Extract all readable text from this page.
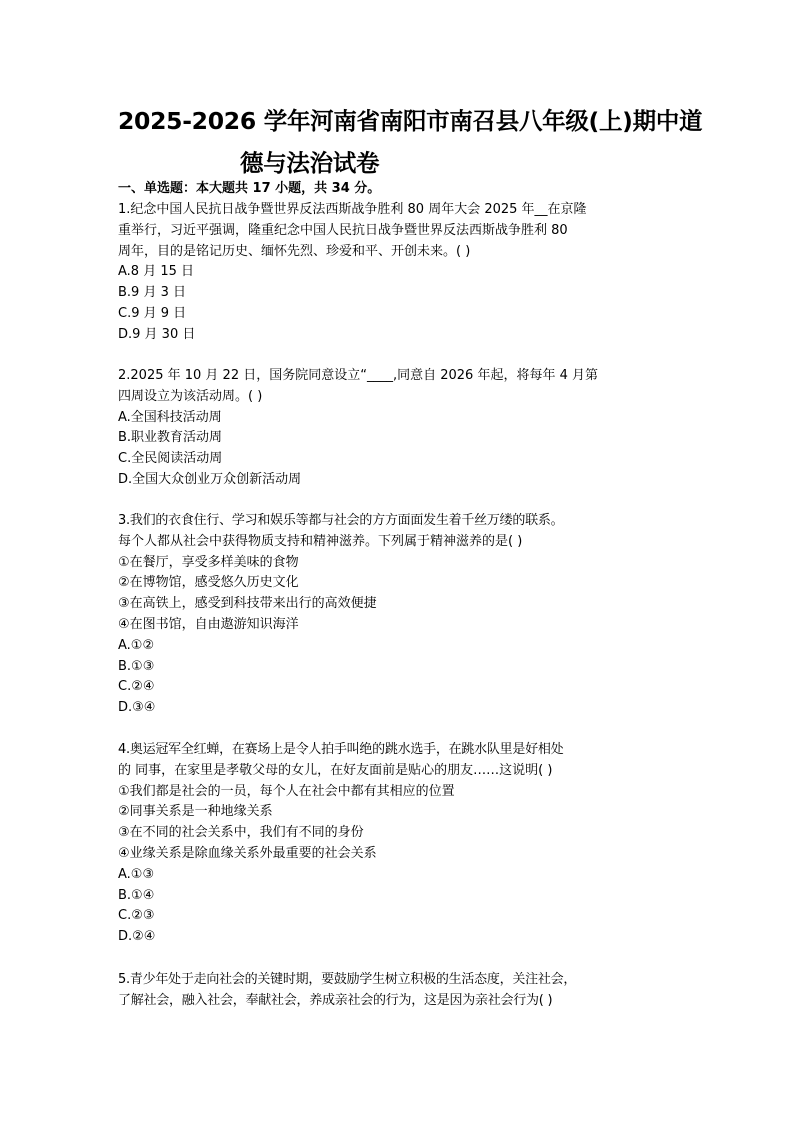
2025-2026 学年河南省南阳市南召县八年级(上)期中道
德与法治试卷
一、单选题：本大题共 17 小题，共 34 分。
1.纪念中国人民抗日战争暨世界反法西斯战争胜利 80 周年大会 2025 年__在京隆
重举行，习近平强调，隆重纪念中国人民抗日战争暨世界反法西斯战争胜利 80
周年，目的是铭记历史、缅怀先烈、珍爱和平、开创未来。( )
A.8 月 15 日
B.9 月 3 日
C.9 月 9 日
D.9 月 30 日
2.2025 年 10 月 22 日，国务院同意设立“____,同意自 2026 年起，将每年 4 月第
四周设立为该活动周。( )
A.全国科技活动周
B.职业教育活动周
C.全民阅读活动周
D.全国大众创业万众创新活动周
3.我们的衣食住行、学习和娱乐等都与社会的方方面面发生着千丝万缕的联系。
每个人都从社会中获得物质支持和精神滋养。下列属于精神滋养的是( )
①在餐厅，享受多样美味的食物
②在博物馆，感受悠久历史文化
③在高铁上，感受到科技带来出行的高效便捷
④在图书馆，自由遨游知识海洋
A.①②
B.①③
C.②④
D.③④
4.奥运冠军全红蝉，在赛场上是令人拍手叫绝的跳水选手，在跳水队里是好相处
的 同事，在家里是孝敬父母的女儿，在好友面前是贴心的朋友……这说明( )
①我们都是社会的一员，每个人在社会中都有其相应的位置
②同事关系是一种地缘关系
③在不同的社会关系中，我们有不同的身份
④业缘关系是除血缘关系外最重要的社会关系
A.①③
B.①④
C.②③
D.②④
5.青少年处于走向社会的关键时期，要鼓励学生树立积极的生活态度，关注社会，
了解社会，融入社会，奉献社会，养成亲社会的行为，这是因为亲社会行为( )
